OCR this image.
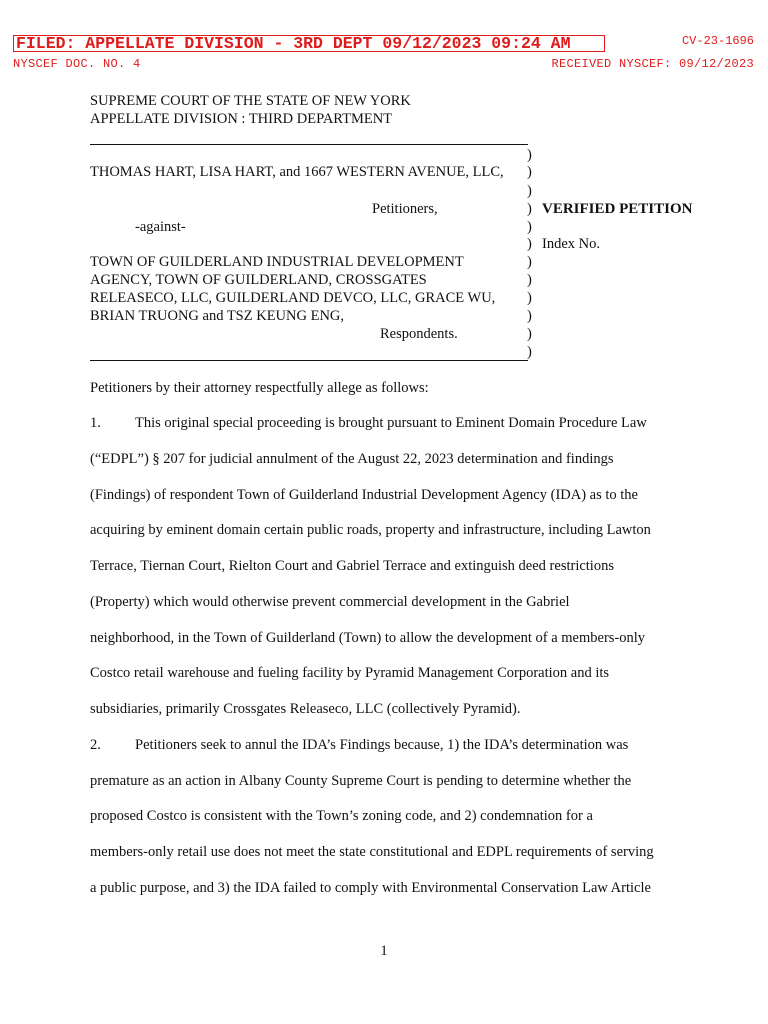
FILED: APPELLATE DIVISION - 3RD DEPT 09/12/2023 09:24 AM	CV-23-1696
NYSCEF DOC. NO. 4	RECEIVED NYSCEF: 09/12/2023
SUPREME COURT OF THE STATE OF NEW YORK
APPELLATE DIVISION : THIRD DEPARTMENT
THOMAS HART, LISA HART, and 1667 WESTERN AVENUE, LLC,
Petitioners,
-against-
TOWN OF GUILDERLAND INDUSTRIAL DEVELOPMENT
AGENCY, TOWN OF GUILDERLAND, CROSSGATES
RELEASECO, LLC, GUILDERLAND DEVCO, LLC, GRACE WU,
BRIAN TRUONG and TSZ KEUNG ENG,
Respondents.
)
)
)
)
)
)
)
)
)
)
)
)
VERIFIED PETITION
Index No.
Petitioners by their attorney respectfully allege as follows:
1. This original special proceeding is brought pursuant to Eminent Domain Procedure Law
(“EDPL”) § 207 for judicial annulment of the August 22, 2023 determination and findings
(Findings) of respondent Town of Guilderland Industrial Development Agency (IDA) as to the
acquiring by eminent domain certain public roads, property and infrastructure, including Lawton
Terrace, Tiernan Court, Rielton Court and Gabriel Terrace and extinguish deed restrictions
(Property) which would otherwise prevent commercial development in the Gabriel
neighborhood, in the Town of Guilderland (Town) to allow the development of a members-only
Costco retail warehouse and fueling facility by Pyramid Management Corporation and its
subsidiaries, primarily Crossgates Releaseco, LLC (collectively Pyramid).
2. Petitioners seek to annul the IDA’s Findings because, 1) the IDA’s determination was
premature as an action in Albany County Supreme Court is pending to determine whether the
proposed Costco is consistent with the Town’s zoning code, and 2) condemnation for a
members-only retail use does not meet the state constitutional and EDPL requirements of serving
a public purpose, and 3) the IDA failed to comply with Environmental Conservation Law Article
1
